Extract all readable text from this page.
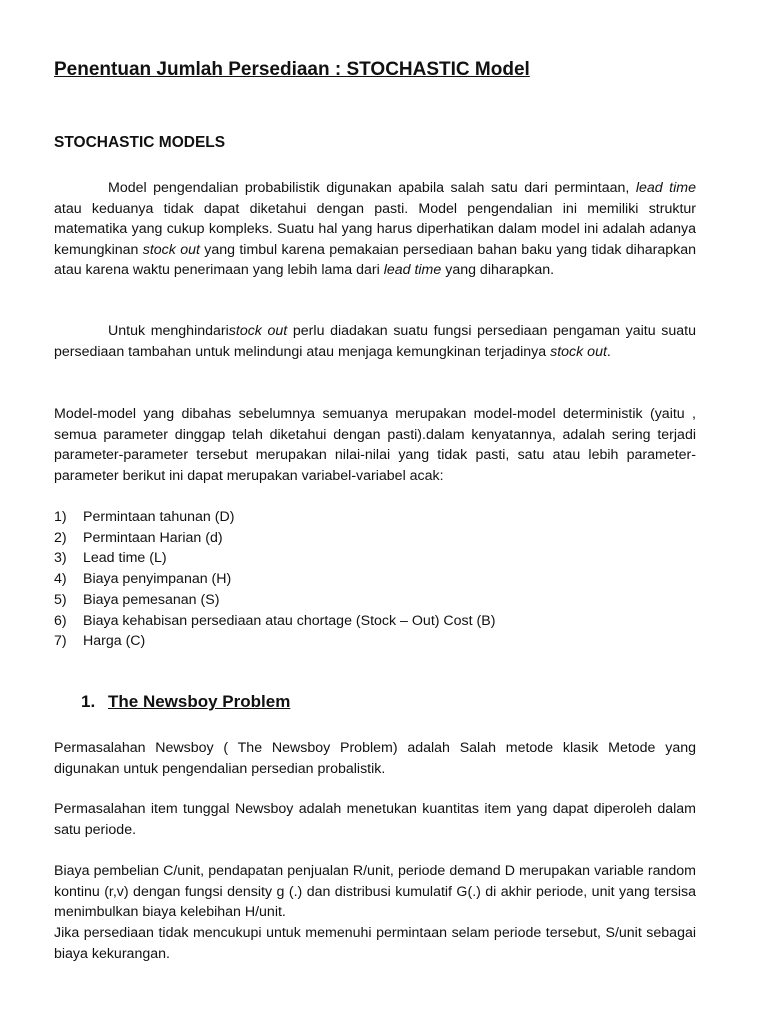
Penentuan Jumlah Persediaan : STOCHASTIC Model
STOCHASTIC MODELS

Model pengendalian probabilistik digunakan apabila salah satu dari permintaan, lead time atau keduanya tidak dapat diketahui dengan pasti. Model pengendalian ini memiliki struktur matematika yang cukup kompleks. Suatu hal yang harus diperhatikan dalam model ini adalah adanya kemungkinan stock out yang timbul karena pemakaian persediaan bahan baku yang tidak diharapkan atau karena waktu penerimaan yang lebih lama dari lead time yang diharapkan.

Untuk menghindaristock out perlu diadakan suatu fungsi persediaan pengaman yaitu suatu persediaan tambahan untuk melindungi atau menjaga kemungkinan terjadinya stock out.

Model-model yang dibahas sebelumnya semuanya merupakan model-model deterministik (yaitu , semua parameter dinggap telah diketahui dengan pasti).dalam kenyatannya, adalah sering terjadi parameter-parameter tersebut merupakan nilai-nilai yang tidak pasti, satu atau lebih parameter-parameter berikut ini dapat merupakan variabel-variabel acak:

1)	Permintaan tahunan (D)
2)	Permintaan Harian (d)
3)	Lead time (L)
4)	Biaya penyimpanan (H)
5)	Biaya pemesanan (S)
6)	Biaya kehabisan persediaan atau chortage (Stock – Out) Cost (B)
7)	Harga (C)
1. The Newsboy Problem

Permasalahan Newsboy ( The Newsboy Problem) adalah Salah metode klasik Metode yang digunakan untuk pengendalian persedian probalistik.

Permasalahan item tunggal Newsboy adalah menetukan kuantitas item yang dapat diperoleh dalam satu periode.

Biaya pembelian C/unit, pendapatan penjualan R/unit, periode demand D merupakan variable random kontinu (r,v) dengan fungsi density g (.) dan distribusi kumulatif G(.) di akhir periode, unit yang tersisa menimbulkan biaya kelebihan H/unit.

Jika persediaan tidak mencukupi untuk memenuhi permintaan selam periode tersebut, S/unit sebagai biaya kekurangan.
